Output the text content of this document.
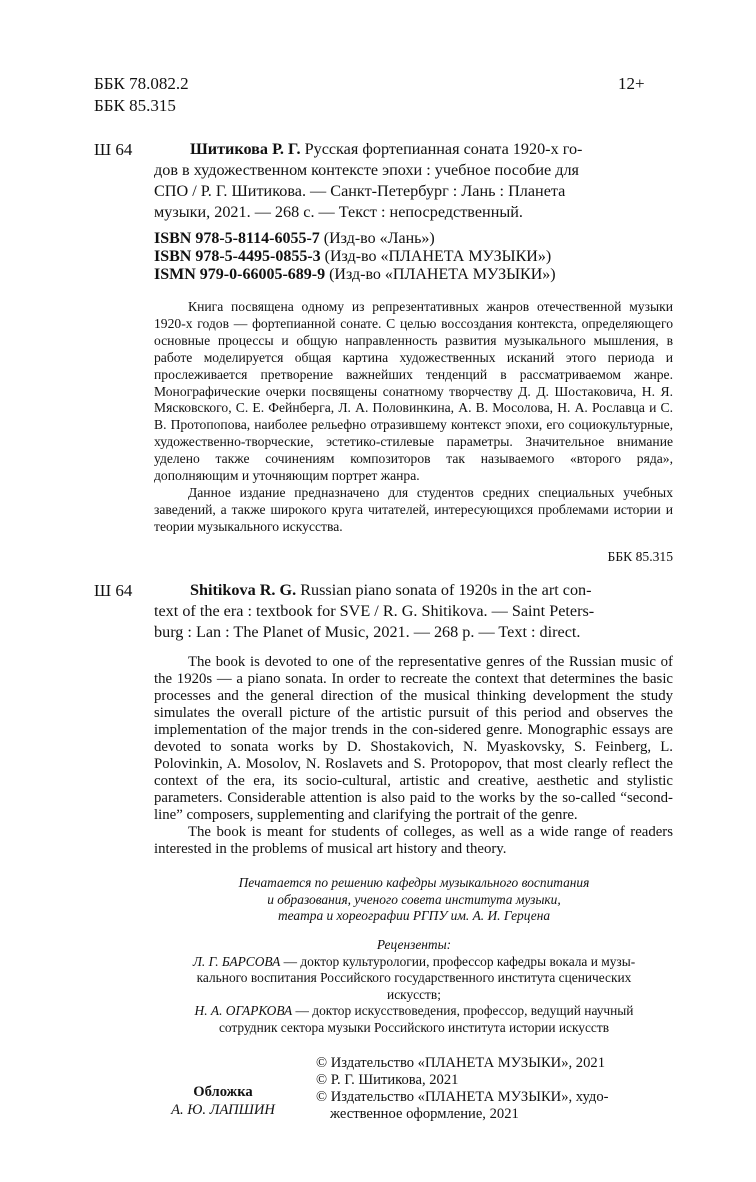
ББК 78.082.2
ББК 85.315
12+
Ш 64	Шитикова Р. Г. Русская фортепианная соната 1920-х го-
дов в художественном контексте эпохи : учебное пособие для
СПО / Р. Г. Шитикова. — Санкт-Петербург : Лань : Планета
музыки, 2021. — 268 с. — Текст : непосредственный.
ISBN 978-5-8114-6055-7 (Изд-во «Лань»)
ISBN 978-5-4495-0855-3 (Изд-во «ПЛАНЕТА МУЗЫКИ»)
ISMN 979-0-66005-689-9 (Изд-во «ПЛАНЕТА МУЗЫКИ»)
Книга посвящена одному из репрезентативных жанров отечественной музыки 1920-х годов — фортепианной сонате. С целью воссоздания контекста, определяющего основные процессы и общую направленность развития музыкального мышления, в работе моделируется общая картина художественных исканий этого периода и прослеживается претворение важнейших тенденций в рассматриваемом жанре. Монографические очерки посвящены сонатному творчеству Д. Д. Шостаковича, Н. Я. Мясковского, С. Е. Фейнберга, Л. А. Половинкина, А. В. Мосолова, Н. А. Рославца и С. В. Протопопова, наиболее рельефно отразившему контекст эпохи, его социокультурные, художественно-творческие, эстетико-стилевые параметры. Значительное внимание уделено также сочинениям композиторов так называемого «второго ряда», дополняющим и уточняющим портрет жанра.
Данное издание предназначено для студентов средних специальных учебных заведений, а также широкого круга читателей, интересующихся проблемами истории и теории музыкального искусства.
ББК 85.315
Ш 64	Shitikova R. G. Russian piano sonata of 1920s in the art con-
text of the era : textbook for SVE / R. G. Shitikova. — Saint Peters-
burg : Lan : The Planet of Music, 2021. — 268 p. — Text : direct.
The book is devoted to one of the representative genres of the Russian music of the 1920s — a piano sonata. In order to recreate the context that determines the basic processes and the general direction of the musical thinking development the study simulates the overall picture of the artistic pursuit of this period and observes the implementation of the major trends in the con-sidered genre. Monographic essays are devoted to sonata works by D. Shostakovich, N. Myaskovsky, S. Feinberg, L. Polovinkin, A. Mosolov, N. Roslavets and S. Protopopov, that most clearly reflect the context of the era, its socio-cultural, artistic and creative, aesthetic and stylistic parameters. Considerable attention is also paid to the works by the so-called “second-line” composers, supplementing and clarifying the portrait of the genre.
The book is meant for students of colleges, as well as a wide range of readers interested in the problems of musical art history and theory.
Печатается по решению кафедры музыкального воспитания
и образования, ученого совета института музыки,
театра и хореографии РГПУ им. А. И. Герцена
Рецензенты:
Л. Г. БАРСОВА — доктор культурологии, профессор кафедры вокала и музы-
кального воспитания Российского государственного института сценических
искусств;
Н. А. ОГАРКОВА — доктор искусствоведения, профессор, ведущий научный
сотрудник сектора музыки Российского института истории искусств
Обложка
А. Ю. ЛАПШИН
© Издательство «ПЛАНЕТА МУЗЫКИ», 2021
© Р. Г. Шитикова, 2021
© Издательство «ПЛАНЕТА МУЗЫКИ», худо-
жественное оформление, 2021
